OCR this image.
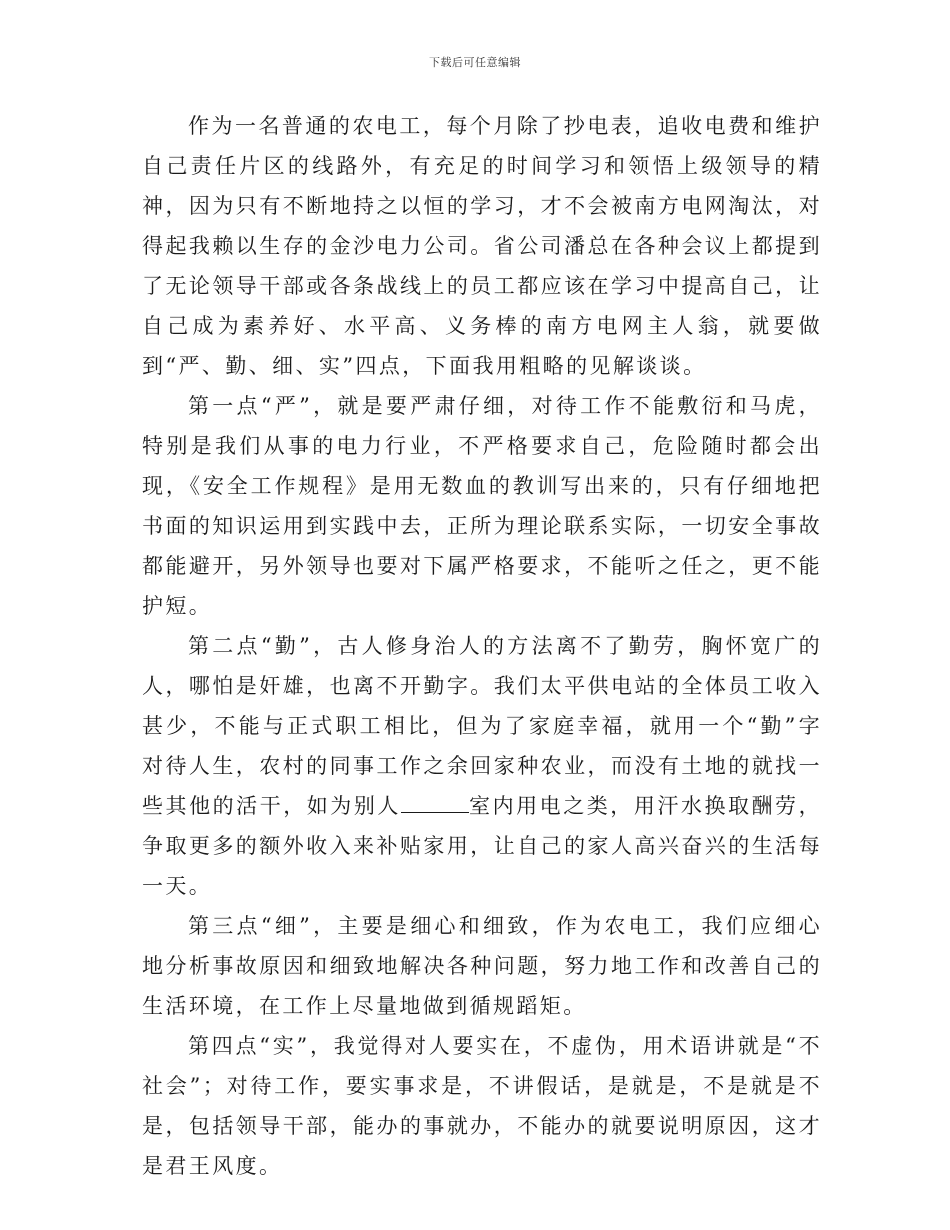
下载后可任意编辑

作为一名普通的农电工，每个月除了抄电表，追收电费和维护自己责任片区的线路外，有充足的时间学习和领悟上级领导的精神，因为只有不断地持之以恒的学习，才不会被南方电网淘汰，对得起我赖以生存的金沙电力公司。省公司潘总在各种会议上都提到了无论领导干部或各条战线上的员工都应该在学习中提高自己，让自己成为素养好、水平高、义务棒的南方电网主人翁，就要做到“严、勤、细、实”四点，下面我用粗略的见解谈谈。

第一点“严”，就是要严肃仔细，对待工作不能敷衍和马虎，特别是我们从事的电力行业，不严格要求自己，危险随时都会出现，《安全工作规程》是用无数血的教训写出来的，只有仔细地把书面的知识运用到实践中去，正所为理论联系实际，一切安全事故都能避开，另外领导也要对下属严格要求，不能听之任之，更不能护短。

第二点“勤”，古人修身治人的方法离不了勤劳，胸怀宽广的人，哪怕是奸雄，也离不开勤字。我们太平供电站的全体员工收入甚少，不能与正式职工相比，但为了家庭幸福，就用一个“勤”字对待人生，农村的同事工作之余回家种农业，而没有土地的就找一些其他的活干，如为别人	室内用电之类，用汗水换取酬劳，争取更多的额外收入来补贴家用，让自己的家人高兴奋兴的生活每一天。

第三点“细”，主要是细心和细致，作为农电工，我们应细心地分析事故原因和细致地解决各种问题，努力地工作和改善自己的生活环境，在工作上尽量地做到循规蹈矩。

第四点“实”，我觉得对人要实在，不虚伪，用术语讲就是“不社会”；对待工作，要实事求是，不讲假话，是就是，不是就是不是，包括领导干部，能办的事就办，不能办的就要说明原因，这才是君王风度。
